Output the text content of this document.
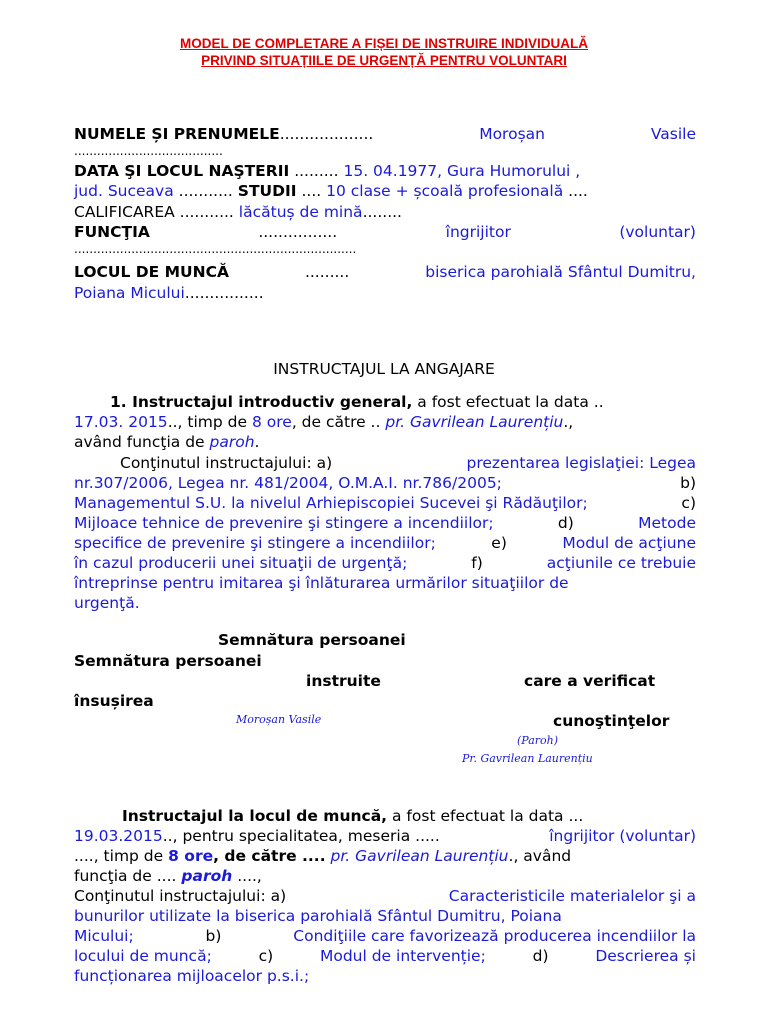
MODEL DE COMPLETARE A FIȘEI DE INSTRUIRE INDIVIDUALĂ
PRIVIND SITUAȚIILE DE URGENȚĂ PENTRU VOLUNTARI
NUMELE ȘI PRENUMELE...................	Moroșan	Vasile
.......................................
DATA ŞI LOCUL NAŞTERII ......... 15. 04.1977, Gura Humorului ,
jud. Suceava ........... STUDII .... 10 clase + școală profesională ....
CALIFICAREA ........... lăcătuș de mină........
FUNCŢIA	................	îngrijitor	(voluntar)
..........................................................................
LOCUL DE MUNCĂ	.........	biserica parohială Sfântul Dumitru,
Poiana Micului................
INSTRUCTAJUL LA ANGAJARE
1. Instructajul introductiv general, a fost efectuat la data ..
17.03. 2015.., timp de 8 ore, de către .. pr. Gavrilean Laurențiu.,
având funcţia de paroh.
Conţinutul instructajului: a)	prezentarea legislaţiei: Legea
nr.307/2006, Legea nr. 481/2004, O.M.A.I. nr.786/2005;	b)
Managementul S.U. la nivelul Arhiepiscopiei Sucevei şi Rădăuţilor;	c)
Mijloace tehnice de prevenire şi stingere a incendiilor;	d)	Metode
specifice de prevenire şi stingere a incendiilor;	e)	Modul de acţiune
în cazul producerii unei situaţii de urgenţă;	f)	acţiunile ce trebuie
întreprinse pentru imitarea şi înlăturarea urmărilor situaţiilor de
urgenţă.
Semnătura persoanei
Semnătura persoanei
instruite	care a verificat
însușirea
cunoştinţelor
Moroșan Vasile
(Paroh)
Pr. Gavrilean Laurențiu
Instructajul la locul de muncă, a fost efectuat la data ...
19.03.2015.., pentru specialitatea, meseria .....	îngrijitor (voluntar)
...., timp de 8 ore, de către .... pr. Gavrilean Laurențiu., având
funcţia de .... paroh ....,
Conţinutul instructajului: a)	Caracteristicile materialelor şi a
bunurilor utilizate la biserica parohială Sfântul Dumitru, Poiana
Micului;	b)	Condiţiile care favorizează producerea incendiilor la
locului de muncă;	c)	Modul de intervenție;	d)	Descrierea și
funcționarea mijloacelor p.s.i.;
